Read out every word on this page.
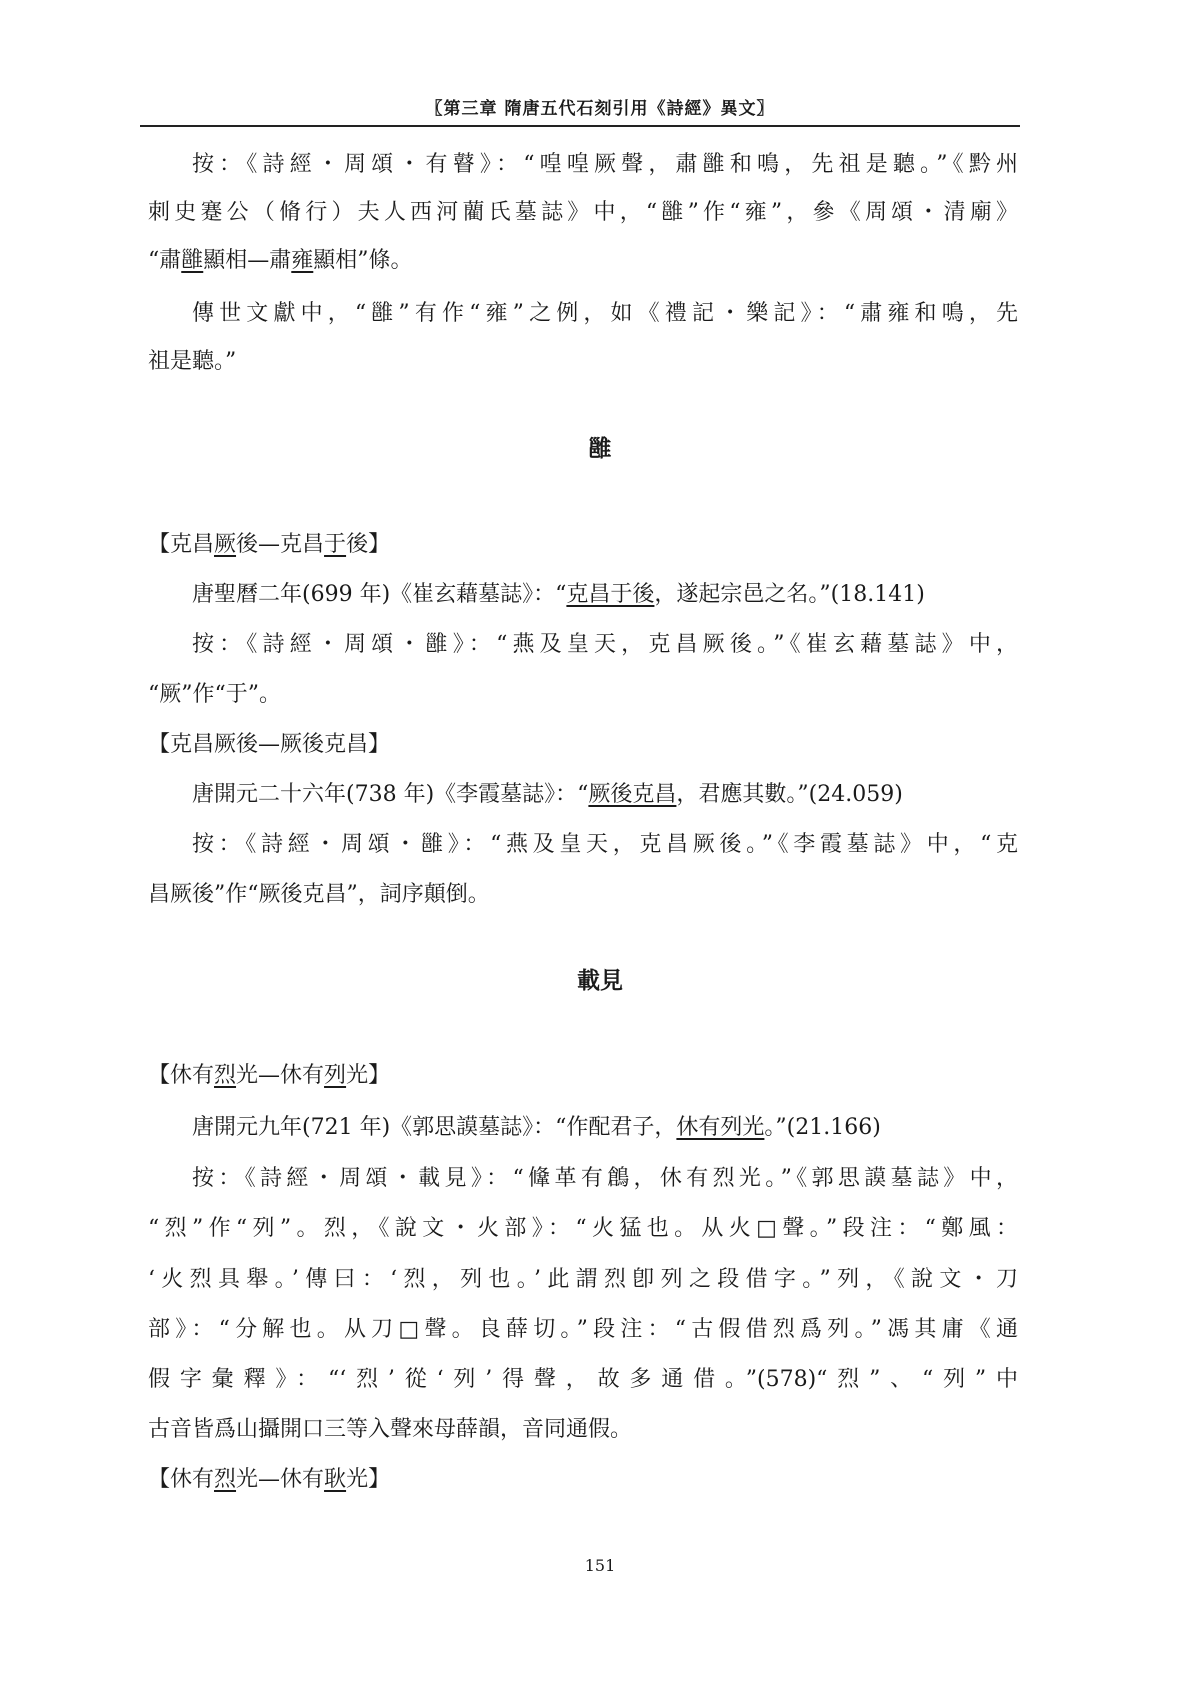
〖第三章 隋唐五代石刻引用《詩經》異文〗
按：《詩經・周頌・有瞽》：“喤喤厥聲，肅雝和鳴，先祖是聽。”《黔州
刺史蹇公（脩行）夫人西河藺氏墓誌》中，“雝”作“雍”，參《周頌・清廟》
“肅雝顯相—肅雍顯相”條。
傳世文獻中，“雝”有作“雍”之例，如《禮記・樂記》：“肅雍和鳴，先
祖是聽。”
雝
【克昌厥後—克昌于後】
唐聖曆二年(699 年)《崔玄藉墓誌》：“克昌于後，遂起宗邑之名。”(18.141)
按：《詩經・周頌・雝》：“燕及皇天，克昌厥後。”《崔玄藉墓誌》中，
“厥”作“于”。
【克昌厥後—厥後克昌】
唐開元二十六年(738 年)《李霞墓誌》：“厥後克昌，君應其數。”(24.059)
按：《詩經・周頌・雝》：“燕及皇天，克昌厥後。”《李霞墓誌》中，“克
昌厥後”作“厥後克昌”，詞序顛倒。
載見
【休有烈光—休有列光】
唐開元九年(721 年)《郭思謨墓誌》：“作配君子，休有列光。”(21.166)
按：《詩經・周頌・載見》：“鞗革有鶬，休有烈光。”《郭思謨墓誌》中，
“烈”作“列”。烈，《說文・火部》：“火猛也。从火□聲。”段注：“鄭風：
‘火烈具舉。’傳曰：‘烈，列也。’此謂烈卽列之段借字。”列，《說文・刀
部》：“分解也。从刀□聲。良薛切。”段注：“古假借烈爲列。”馮其庸《通
假字彙釋》：“‘烈’從‘列’得聲，故多通借。”(578)“烈”、“列”中
古音皆爲山攝開口三等入聲來母薛韻，音同通假。
【休有烈光—休有耿光】
151
